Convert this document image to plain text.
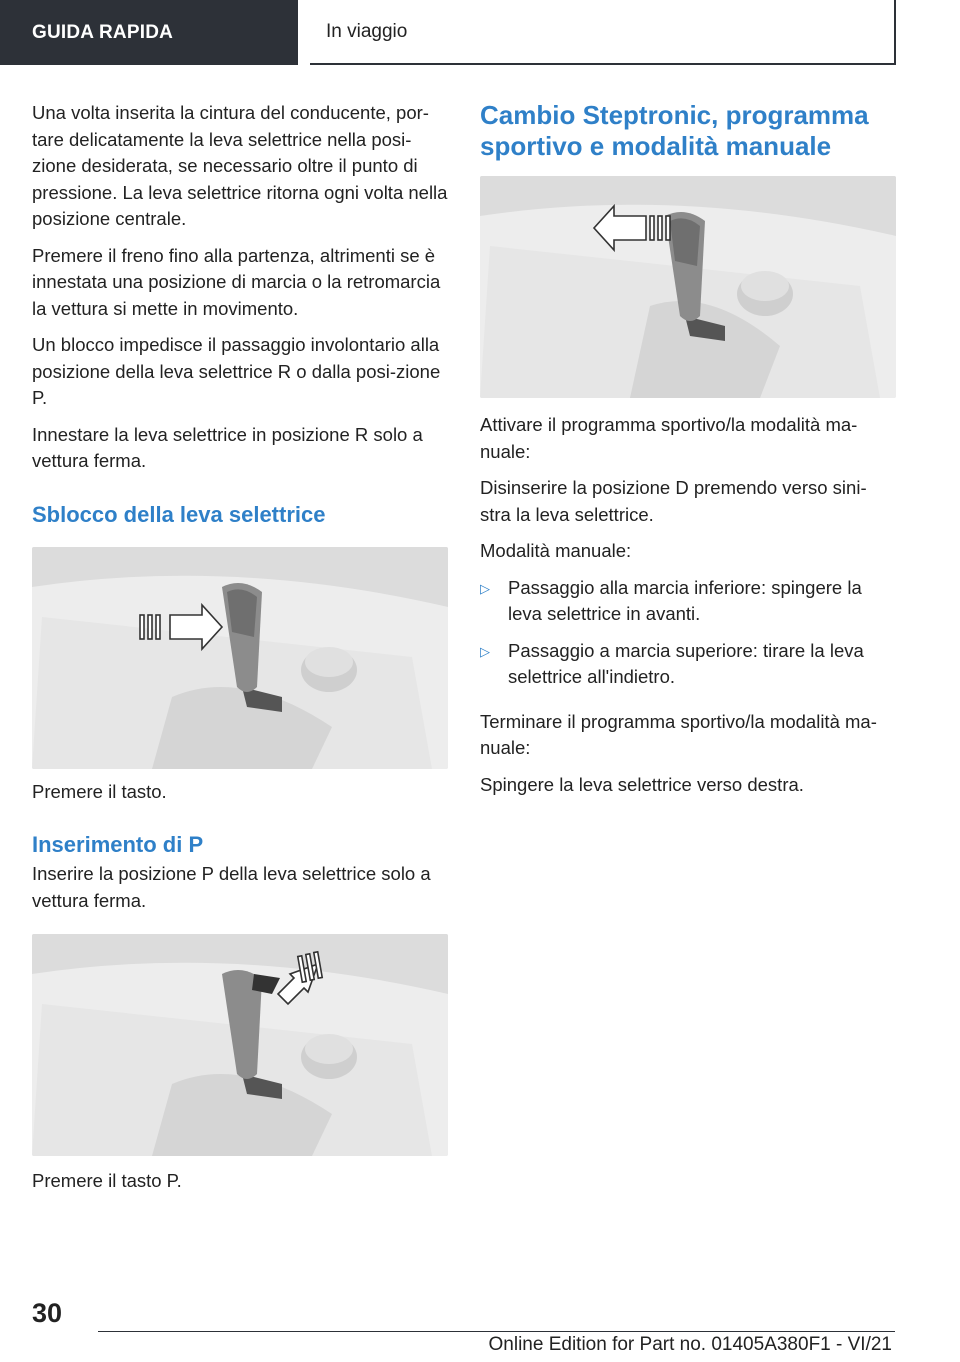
GUIDA RAPIDA	In viaggio

Una volta inserita la cintura del conducente, por-tare delicatamente la leva selettrice nella posi-zione desiderata, se necessario oltre il punto di pressione. La leva selettrice ritorna ogni volta nella posizione centrale.

Premere il freno fino alla partenza, altrimenti se è innestata una posizione di marcia o la retromarcia la vettura si mette in movimento.

Un blocco impedisce il passaggio involontario alla posizione della leva selettrice R o dalla posi-zione P.

Innestare la leva selettrice in posizione R solo a vettura ferma.

Sblocco della leva selettrice

Premere il tasto.

Inserimento di P

Inserire la posizione P della leva selettrice solo a vettura ferma.

Premere il tasto P.

Cambio Steptronic, programma sportivo e modalità manuale

Attivare il programma sportivo/la modalità ma-nuale:

Disinserire la posizione D premendo verso sini-stra la leva selettrice.

Modalità manuale:

▷ Passaggio alla marcia inferiore: spingere la leva selettrice in avanti.
▷ Passaggio a marcia superiore: tirare la leva selettrice all'indietro.

Terminare il programma sportivo/la modalità ma-nuale:

Spingere la leva selettrice verso destra.

30
Online Edition for Part no. 01405A380F1 - VI/21
